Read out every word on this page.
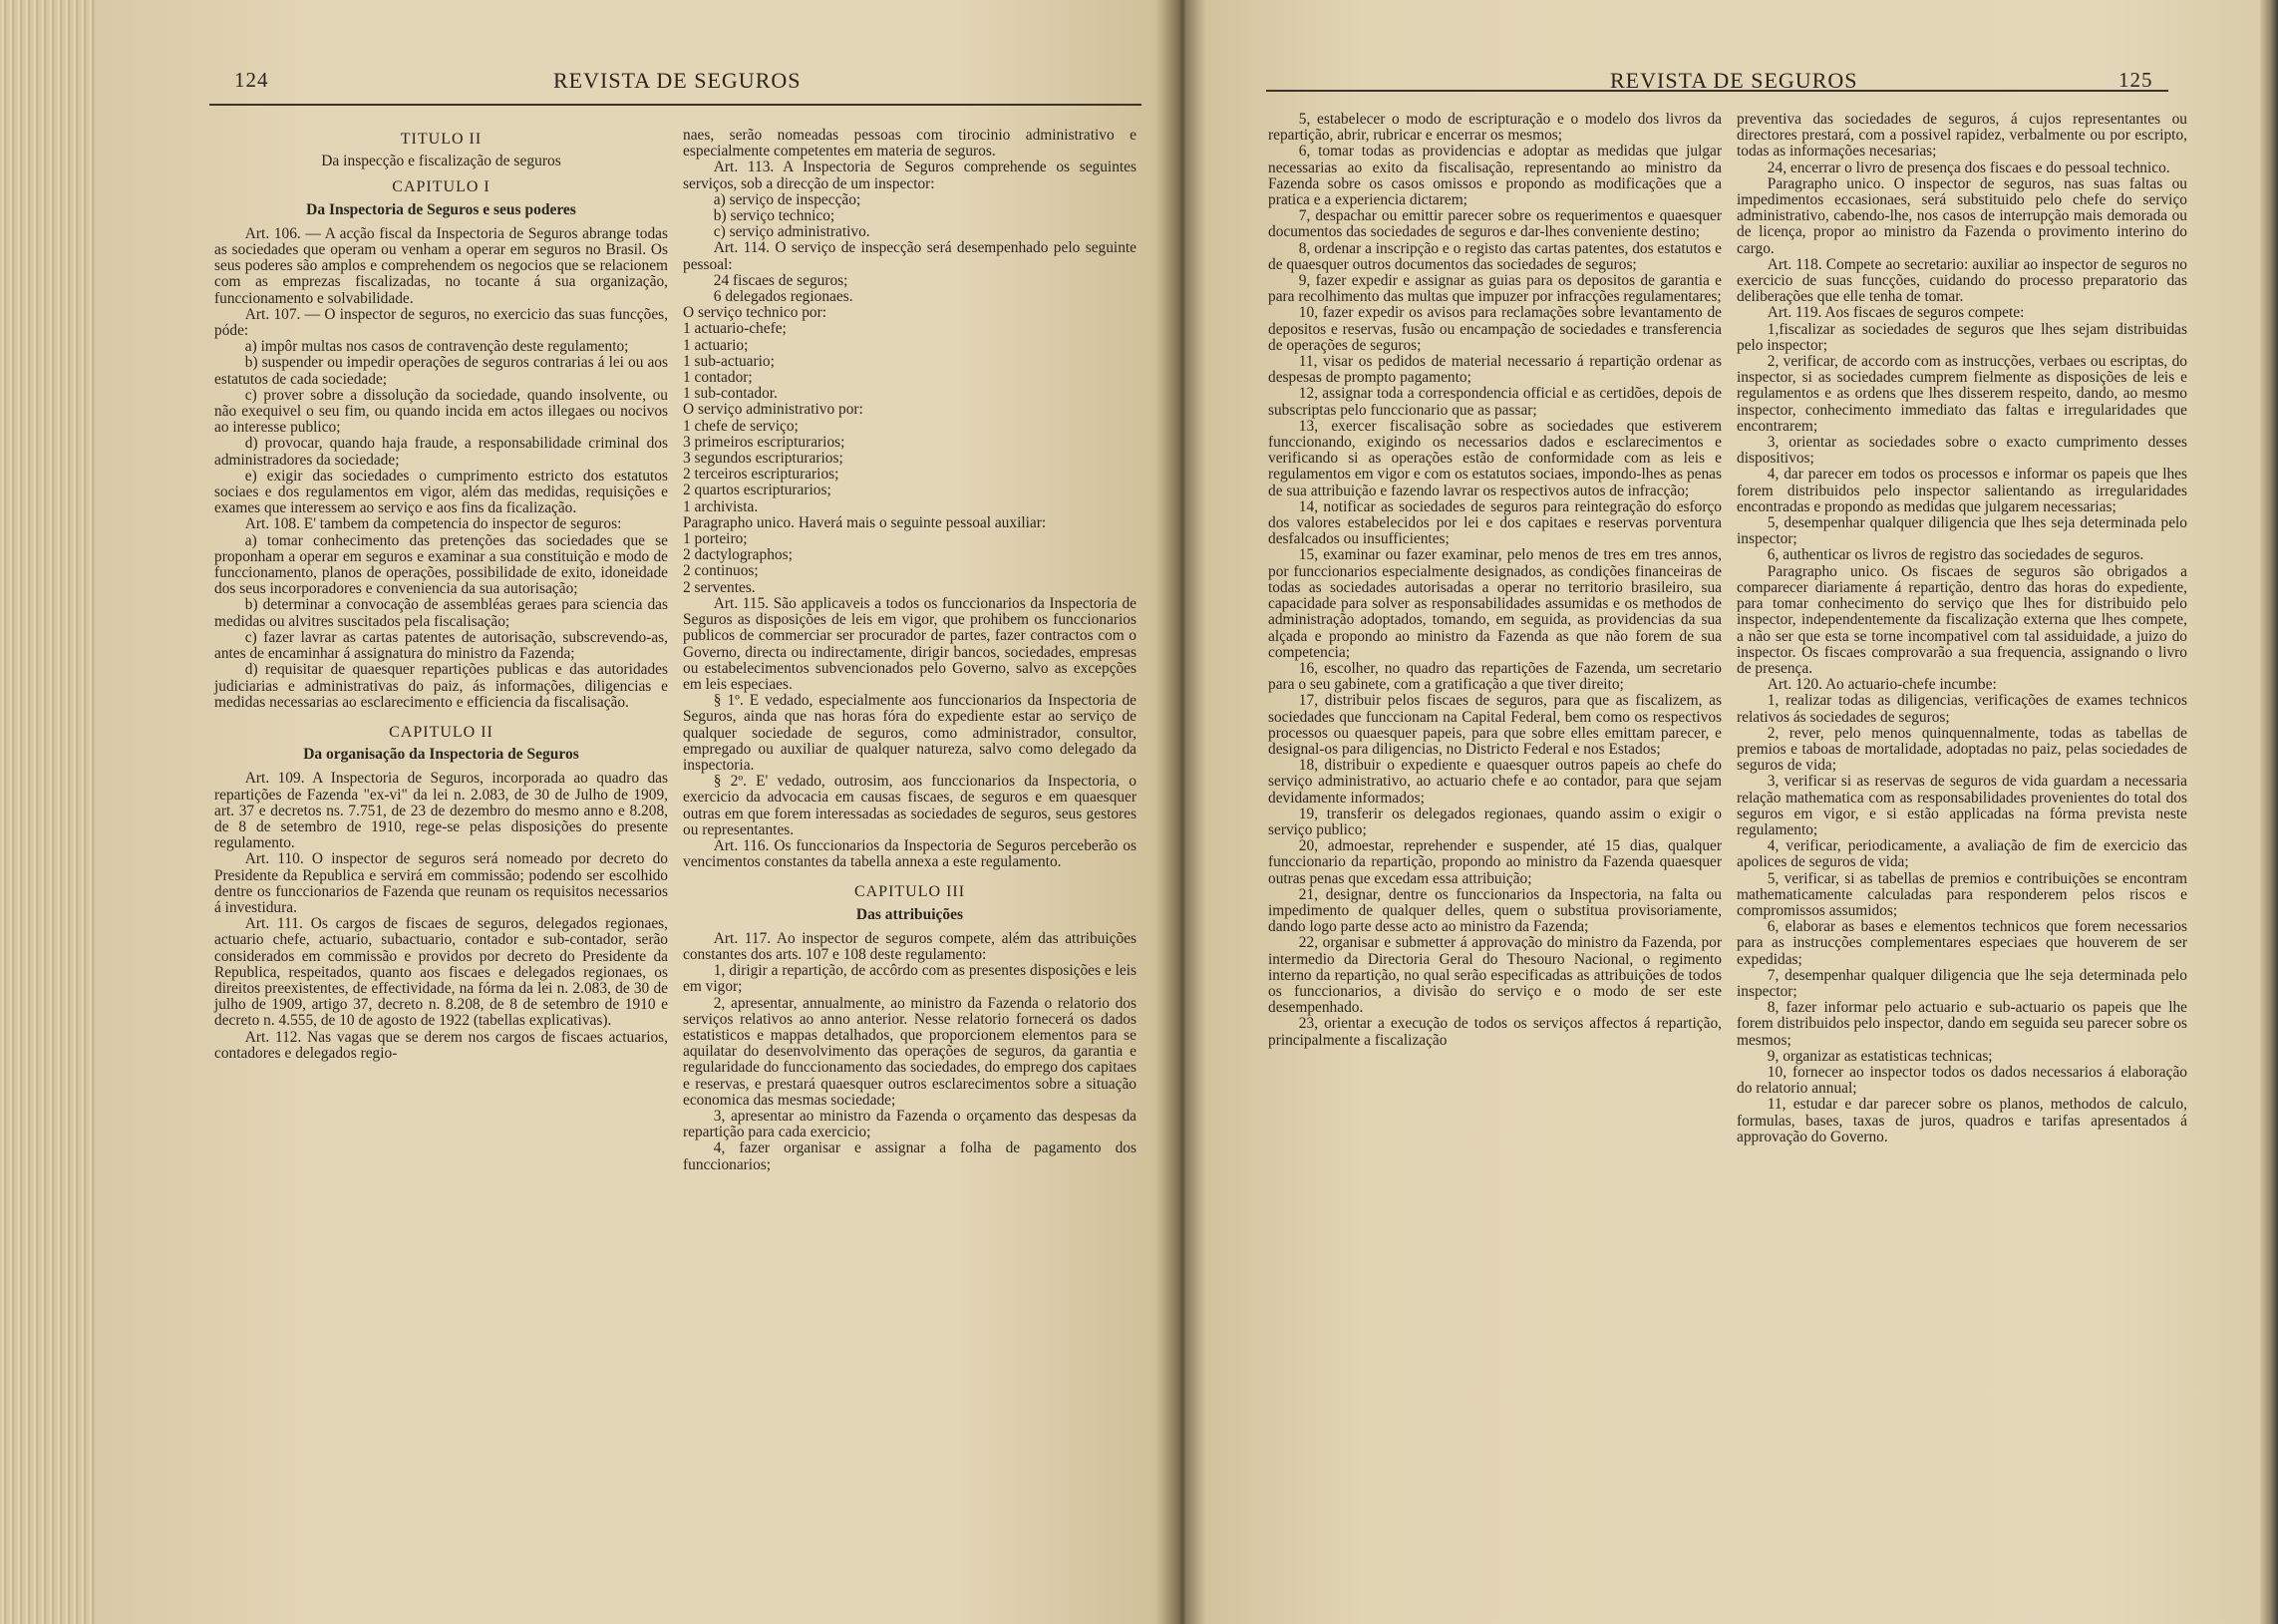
124	REVISTA DE SEGUROS
TITULO II
Da inspecção e fiscalização de seguros
CAPITULO I
Da Inspectoria de Seguros e seus poderes

Art. 106. — A acção fiscal da Inspectoria de Seguros abrange todas as sociedades que operam ou venham a operar em seguros no Brasil. Os seus poderes são amplos e comprehendem os negocios que se relacionem com as emprezas fiscalizadas, no tocante á sua organização, funccionamento e solvabilidade.

Art. 107. — O inspector de seguros, no exercicio das suas funcções, póde:

a) impôr multas nos casos de contravenção deste regulamento;

b) suspender ou impedir operações de seguros contrarias á lei ou aos estatutos de cada sociedade;

c) prover sobre a dissolução da sociedade, quando insolvente, ou não exequivel o seu fim, ou quando incida em actos illegaes ou nocivos ao interesse publico;

d) provocar, quando haja fraude, a responsabilidade criminal dos administradores da sociedade;

e) exigir das sociedades o cumprimento estricto dos estatutos sociaes e dos regulamentos em vigor, além das medidas, requisições e exames que interessem ao serviço e aos fins da ficalização.

Art. 108. E' tambem da competencia do inspector de seguros:

a) tomar conhecimento das pretenções das sociedades que se proponham a operar em seguros e examinar a sua constituição e modo de funccionamento, planos de operações, possibilidade de exito, idoneidade dos seus incorporadores e conveniencia da sua autorisação;

b) determinar a convocação de assembléas geraes para sciencia das medidas ou alvitres suscitados pela fiscalisação;

c) fazer lavrar as cartas patentes de autorisação, subscrevendo-as, antes de encaminhar á assignatura do ministro da Fazenda;

d) requisitar de quaesquer repartições publicas e das autoridades judiciarias e administrativas do paiz, ás informações, diligencias e medidas necessarias ao esclarecimento e efficiencia da fiscalisação.

CAPITULO II
Da organisação da Inspectoria de Seguros

Art. 109. A Inspectoria de Seguros, incorporada ao quadro das repartições de Fazenda "ex-vi" da lei n. 2.083, de 30 de Julho de 1909, art. 37 e decretos ns. 7.751, de 23 de dezembro do mesmo anno e 8.208, de 8 de setembro de 1910, rege-se pelas disposições do presente regulamento.

Art. 110. O inspector de seguros será nomeado por decreto do Presidente da Republica e servirá em commissão; podendo ser escolhido dentre os funccionarios de Fazenda que reunam os requisitos necessarios á investidura.

Art. 111. Os cargos de fiscaes de seguros, delegados regionaes, actuario chefe, actuario, subactuario, contador e sub-contador, serão considerados em commissão e providos por decreto do Presidente da Republica, respeitados, quanto aos fiscaes e delegados regionaes, os direitos preexistentes, de effectividade, na fórma da lei n. 2.083, de 30 de julho de 1909, artigo 37, decreto n. 8.208, de 8 de setembro de 1910 e decreto n. 4.555, de 10 de agosto de 1922 (tabellas explicativas).

Art. 112. Nas vagas que se derem nos cargos de fiscaes actuarios, contadores e delegados regio-

naes, serão nomeadas pessoas com tirocinio administrativo e especialmente competentes em materia de seguros.

Art. 113. A Inspectoria de Seguros comprehende os seguintes serviços, sob a direcção de um inspector:

a) serviço de inspecção;

b) serviço technico;

c) serviço administrativo.

Art. 114. O serviço de inspecção será desempenhado pelo seguinte pessoal:

24 fiscaes de seguros;

6 delegados regionaes.

O serviço technico por:

1 actuario-chefe;

1 actuario;

1 sub-actuario;

1 contador;

1 sub-contador.

O serviço administrativo por:

1 chefe de serviço;

3 primeiros escripturarios;

3 segundos escripturarios;

2 terceiros escripturarios;

2 quartos escripturarios;

1 archivista.

Paragrapho unico. Haverá mais o seguinte pessoal auxiliar:

1 porteiro;

2 dactylographos;

2 continuos;

2 serventes.

Art. 115. São applicaveis a todos os funccionarios da Inspectoria de Seguros as disposições de leis em vigor, que prohibem os funccionarios publicos de commerciar ser procurador de partes, fazer contractos com o Governo, directa ou indirectamente, dirigir bancos, sociedades, empresas ou estabelecimentos subvencionados pelo Governo, salvo as excepções em leis especiaes.

§ 1º. E vedado, especialmente aos funccionarios da Inspectoria de Seguros, ainda que nas horas fóra do expediente estar ao serviço de qualquer sociedade de seguros, como administrador, consultor, empregado ou auxiliar de qualquer natureza, salvo como delegado da inspectoria.

§ 2º. E' vedado, outrosim, aos funccionarios da Inspectoria, o exercicio da advocacia em causas fiscaes, de seguros e em quaesquer outras em que forem interessadas as sociedades de seguros, seus gestores ou representantes.

Art. 116. Os funccionarios da Inspectoria de Seguros perceberão os vencimentos constantes da tabella annexa a este regulamento.

CAPITULO III
Das attribuições

Art. 117. Ao inspector de seguros compete, além das attribuições constantes dos arts. 107 e 108 deste regulamento:

1, dirigir a repartição, de accôrdo com as presentes disposições e leis em vigor;

2, apresentar, annualmente, ao ministro da Fazenda o relatorio dos serviços relativos ao anno anterior. Nesse relatorio fornecerá os dados estatisticos e mappas detalhados, que proporcionem elementos para se aquilatar do desenvolvimento das operações de seguros, da garantia e regularidade do funccionamento das sociedades, do emprego dos capitaes e reservas, e prestará quaesquer outros esclarecimentos sobre a situação economica das mesmas sociedade;

3, apresentar ao ministro da Fazenda o orçamento das despesas da repartição para cada exercicio;

4, fazer organisar e assignar a folha de pagamento dos funccionarios;

REVISTA DE SEGUROS	125

5, estabelecer o modo de escripturação e o modelo dos livros da repartição, abrir, rubricar e encerrar os mesmos;

6, tomar todas as providencias e adoptar as medidas que julgar necessarias ao exito da fiscalisação, representando ao ministro da Fazenda sobre os casos omissos e propondo as modificações que a pratica e a experiencia dictarem;

7, despachar ou emittir parecer sobre os requerimentos e quaesquer documentos das sociedades de seguros e dar-lhes conveniente destino;

8, ordenar a inscripção e o registo das cartas patentes, dos estatutos e de quaesquer outros documentos das sociedades de seguros;

9, fazer expedir e assignar as guias para os depositos de garantia e para recolhimento das multas que impuzer por infracções regulamentares;

10, fazer expedir os avisos para reclamações sobre levantamento de depositos e reservas, fusão ou encampação de sociedades e transferencia de operações de seguros;

11, visar os pedidos de material necessario á repartição ordenar as despesas de prompto pagamento;

12, assignar toda a correspondencia official e as certidões, depois de subscriptas pelo funccionario que as passar;

13, exercer fiscalisação sobre as sociedades que estiverem funccionando, exigindo os necessarios dados e esclarecimentos e verificando si as operações estão de conformidade com as leis e regulamentos em vigor e com os estatutos sociaes, impondo-lhes as penas de sua attribuição e fazendo lavrar os respectivos autos de infracção;

14, notificar as sociedades de seguros para reintegração do esforço dos valores estabelecidos por lei e dos capitaes e reservas porventura desfalcados ou insufficientes;

15, examinar ou fazer examinar, pelo menos de tres em tres annos, por funccionarios especialmente designados, as condições financeiras de todas as sociedades autorisadas a operar no territorio brasileiro, sua capacidade para solver as responsabilidades assumidas e os methodos de administração adoptados, tomando, em seguida, as providencias da sua alçada e propondo ao ministro da Fazenda as que não forem de sua competencia;

16, escolher, no quadro das repartições de Fazenda, um secretario para o seu gabinete, com a gratificação a que tiver direito;

17, distribuir pelos fiscaes de seguros, para que as fiscalizem, as sociedades que funccionam na Capital Federal, bem como os respectivos processos ou quaesquer papeis, para que sobre elles emittam parecer, e designal-os para diligencias, no Districto Federal e nos Estados;

18, distribuir o expediente e quaesquer outros papeis ao chefe do serviço administrativo, ao actuario chefe e ao contador, para que sejam devidamente informados;

19, transferir os delegados regionaes, quando assim o exigir o serviço publico;

20, admoestar, reprehender e suspender, até 15 dias, qualquer funccionario da repartição, propondo ao ministro da Fazenda quaesquer outras penas que excedam essa attribuição;

21, designar, dentre os funccionarios da Inspectoria, na falta ou impedimento de qualquer delles, quem o substitua provisoriamente, dando logo parte desse acto ao ministro da Fazenda;

22, organisar e submetter á approvação do ministro da Fazenda, por intermedio da Directoria Geral do Thesouro Nacional, o regimento interno da repartição, no qual serão especificadas as attribuições de todos os funccionarios, a divisão do serviço e o modo de ser este desempenhado.

23, orientar a execução de todos os serviços affectos á repartição, principalmente a fiscalização

preventiva das sociedades de seguros, á cujos representantes ou directores prestará, com a possivel rapidez, verbalmente ou por escripto, todas as informações necesarias;

24, encerrar o livro de presença dos fiscaes e do pessoal technico.

Paragrapho unico. O inspector de seguros, nas suas faltas ou impedimentos eccasionaes, será substituido pelo chefe do serviço administrativo, cabendo-lhe, nos casos de interrupção mais demorada ou de licença, propor ao ministro da Fazenda o provimento interino do cargo.

Art. 118. Compete ao secretario: auxiliar ao inspector de seguros no exercicio de suas funcções, cuidando do processo preparatorio das deliberações que elle tenha de tomar.

Art. 119. Aos fiscaes de seguros compete:

1,fiscalizar as sociedades de seguros que lhes sejam distribuidas pelo inspector;

2, verificar, de accordo com as instrucções, verbaes ou escriptas, do inspector, si as sociedades cumprem fielmente as disposições de leis e regulamentos e as ordens que lhes disserem respeito, dando, ao mesmo inspector, conhecimento immediato das faltas e irregularidades que encontrarem;

3, orientar as sociedades sobre o exacto cumprimento desses dispositivos;

4, dar parecer em todos os processos e informar os papeis que lhes forem distribuidos pelo inspector salientando as irregularidades encontradas e propondo as medidas que julgarem necessarias;

5, desempenhar qualquer diligencia que lhes seja determinada pelo inspector;

6, authenticar os livros de registro das sociedades de seguros.

Paragrapho unico. Os fiscaes de seguros são obrigados a comparecer diariamente á repartição, dentro das horas do expediente, para tomar conhecimento do serviço que lhes for distribuido pelo inspector, independentemente da fiscalização externa que lhes compete, a não ser que esta se torne incompativel com tal assiduidade, a juizo do inspector. Os fiscaes comprovarão a sua frequencia, assignando o livro de presença.

Art. 120. Ao actuario-chefe incumbe:

1, realizar todas as diligencias, verificações de exames technicos relativos ás sociedades de seguros;

2, rever, pelo menos quinquennalmente, todas as tabellas de premios e taboas de mortalidade, adoptadas no paiz, pelas sociedades de seguros de vida;

3, verificar si as reservas de seguros de vida guardam a necessaria relação mathematica com as responsabilidades provenientes do total dos seguros em vigor, e si estão applicadas na fórma prevista neste regulamento;

4, verificar, periodicamente, a avaliação de fim de exercicio das apolices de seguros de vida;

5, verificar, si as tabellas de premios e contribuições se encontram mathematicamente calculadas para responderem pelos riscos e compromissos assumidos;

6, elaborar as bases e elementos technicos que forem necessarios para as instrucções complementares especiaes que houverem de ser expedidas;

7, desempenhar qualquer diligencia que lhe seja determinada pelo inspector;

8, fazer informar pelo actuario e sub-actuario os papeis que lhe forem distribuidos pelo inspector, dando em seguida seu parecer sobre os mesmos;

9, organizar as estatisticas technicas;

10, fornecer ao inspector todos os dados necessarios á elaboração do relatorio annual;

11, estudar e dar parecer sobre os planos, methodos de calculo, formulas, bases, taxas de juros, quadros e tarifas apresentados á approvação do Governo.
